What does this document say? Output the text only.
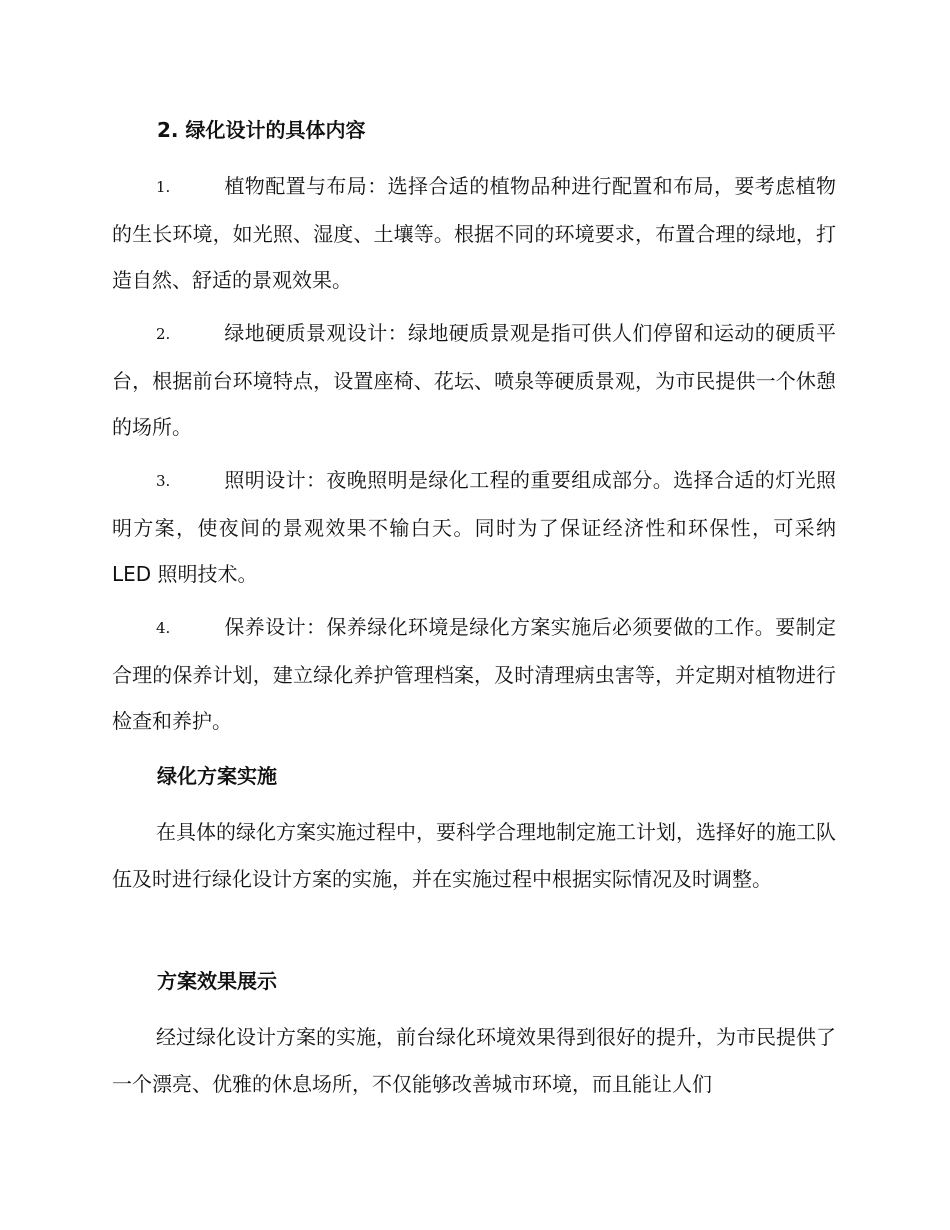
2. 绿化设计的具体内容
1.	植物配置与布局：选择合适的植物品种进行配置和布局，要考虑植物的生长环境，如光照、湿度、土壤等。根据不同的环境要求，布置合理的绿地，打造自然、舒适的景观效果。
2.	绿地硬质景观设计：绿地硬质景观是指可供人们停留和运动的硬质平台，根据前台环境特点，设置座椅、花坛、喷泉等硬质景观，为市民提供一个休憩的场所。
3.	照明设计：夜晚照明是绿化工程的重要组成部分。选择合适的灯光照明方案，使夜间的景观效果不输白天。同时为了保证经济性和环保性，可采纳 LED 照明技术。
4.	保养设计：保养绿化环境是绿化方案实施后必须要做的工作。要制定合理的保养计划，建立绿化养护管理档案，及时清理病虫害等，并定期对植物进行检查和养护。
绿化方案实施
在具体的绿化方案实施过程中，要科学合理地制定施工计划，选择好的施工队伍及时进行绿化设计方案的实施，并在实施过程中根据实际情况及时调整。
方案效果展示
经过绿化设计方案的实施，前台绿化环境效果得到很好的提升，为市民提供了一个漂亮、优雅的休息场所，不仅能够改善城市环境，而且能让人们
